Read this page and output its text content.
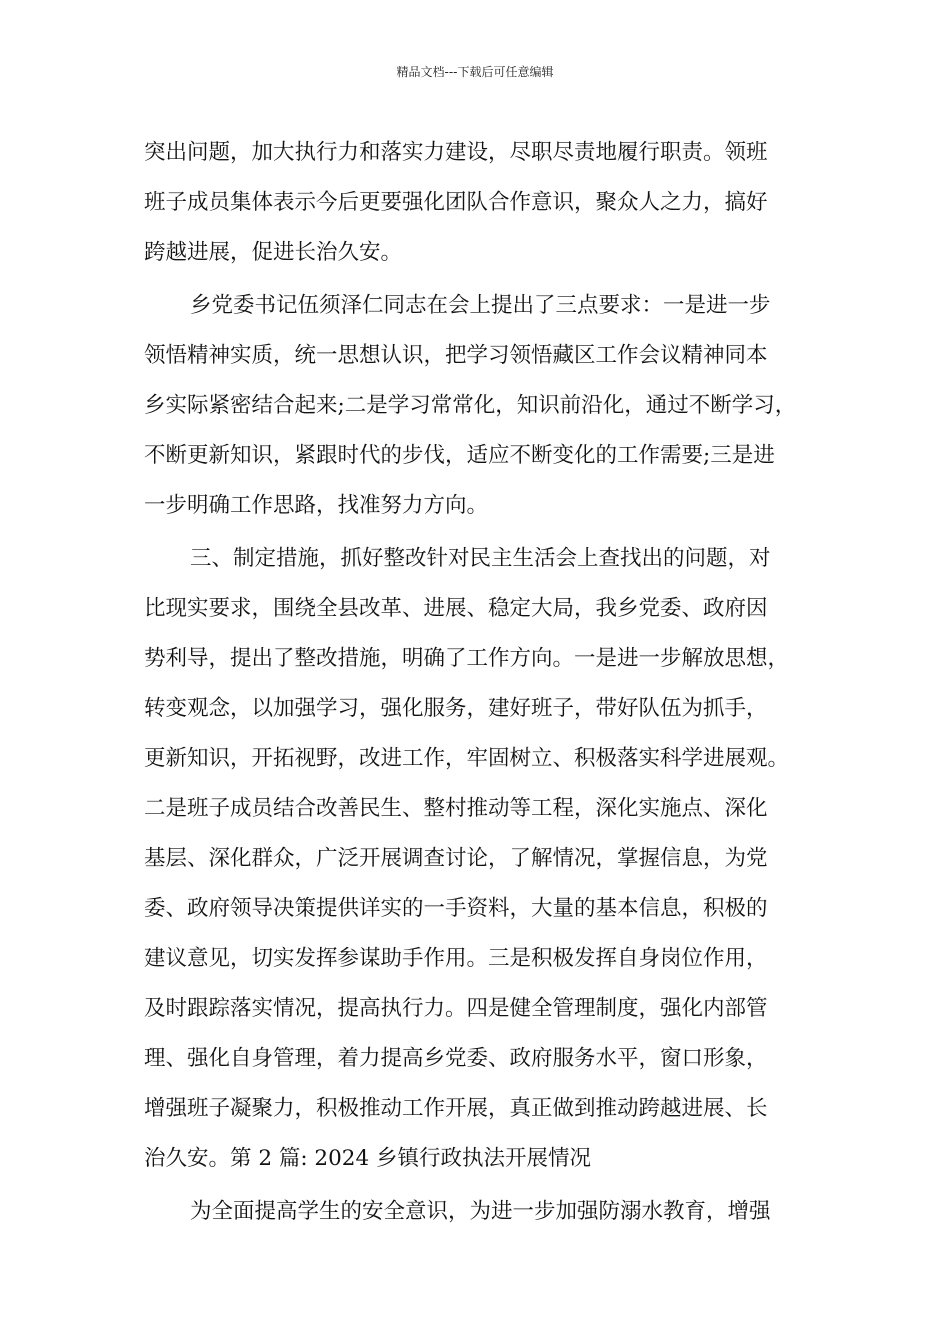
精品文档---下载后可任意编辑
突出问题，加大执行力和落实力建设，尽职尽责地履行职责。领班
班子成员集体表示今后更要强化团队合作意识，聚众人之力，搞好
跨越进展，促进长治久安。
乡党委书记伍须泽仁同志在会上提出了三点要求：一是进一步
领悟精神实质，统一思想认识，把学习领悟藏区工作会议精神同本
乡实际紧密结合起来;二是学习常常化，知识前沿化，通过不断学习，
不断更新知识，紧跟时代的步伐，适应不断变化的工作需要;三是进
一步明确工作思路，找准努力方向。
三、制定措施，抓好整改针对民主生活会上查找出的问题，对
比现实要求，围绕全县改革、进展、稳定大局，我乡党委、政府因
势利导，提出了整改措施，明确了工作方向。一是进一步解放思想，
转变观念，以加强学习，强化服务，建好班子，带好队伍为抓手，
更新知识，开拓视野，改进工作，牢固树立、积极落实科学进展观。
二是班子成员结合改善民生、整村推动等工程，深化实施点、深化
基层、深化群众，广泛开展调查讨论，了解情况，掌握信息，为党
委、政府领导决策提供详实的一手资料，大量的基本信息，积极的
建议意见，切实发挥参谋助手作用。三是积极发挥自身岗位作用，
及时跟踪落实情况，提高执行力。四是健全管理制度，强化内部管
理、强化自身管理，着力提高乡党委、政府服务水平，窗口形象，
增强班子凝聚力，积极推动工作开展，真正做到推动跨越进展、长
治久安。第 2 篇: 2024 乡镇行政执法开展情况
为全面提高学生的安全意识，为进一步加强防溺水教育，增强
